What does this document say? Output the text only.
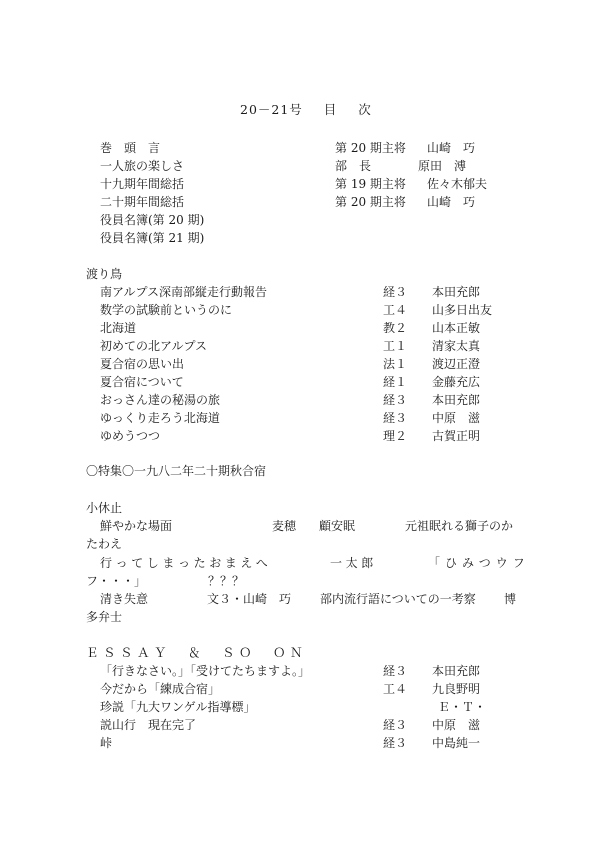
20－21号 目 次
巻　頭　言	第 20 期主将 山崎　巧
一人旅の楽しさ	部　長	原田　溥
十九期年間総括	第 19 期主将 佐々木郁夫
二十期年間総括	第 20 期主将 山崎　巧
役員名簿(第 20 期)
役員名簿(第 21 期)
渡り鳥
南アルプス深南部縦走行動報告	経３ 本田充郎
数学の試験前というのに	工４ 山多日出友
北海道	教２ 山本正敏
初めての北アルプス	工１ 清家太真
夏合宿の思い出	法１ 渡辺正澄
夏合宿について	経１ 金藤充広
おっさん達の秘湯の旅	経３ 本田充郎
ゆっくり走ろう北海道	経３ 中原　滋
ゆめうつつ	理２ 古賀正明
〇特集〇一九八二年二十期秋合宿
小休止
鮮やかな場面	麦穂 顧安眠	元祖眠れる獅子のか
たわえ
行ってしまったおまえへ	一太郎	「ひみつウフ
フ・・・」	？？？
清き失意	文３・山崎　巧 部内流行語についての一考察 博
多弁士
ＥＳＳＡＹ　＆　ＳＯ　ＯＮ
「行きなさい。」「受けてたちますよ。」	経３ 本田充郎
今だから「練成合宿」	工４ 九良野明
珍説「九大ワンゲル指導標」	Ｅ・Ｔ・
説山行　現在完了	経３ 中原　滋
峠	経３ 中島純一
